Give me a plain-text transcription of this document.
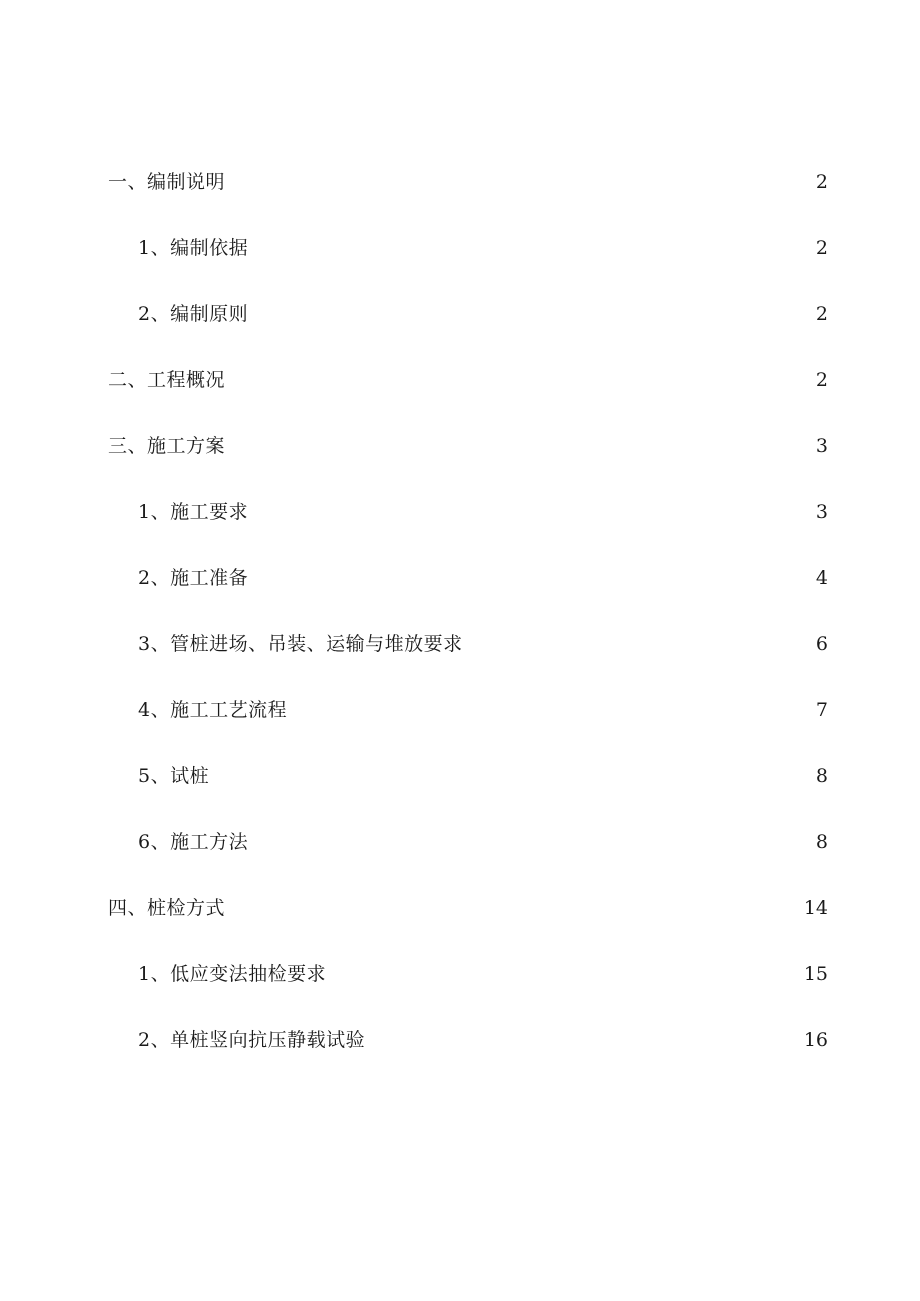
一、编制说明	2
1、编制依据	2
2、编制原则	2
二、工程概况	2
三、施工方案	3
1、施工要求	3
2、施工准备	4
3、管桩进场、吊装、运输与堆放要求	6
4、施工工艺流程	7
5、试桩	8
6、施工方法	8
四、桩检方式	14
1、低应变法抽检要求	15
2、单桩竖向抗压静载试验	16
